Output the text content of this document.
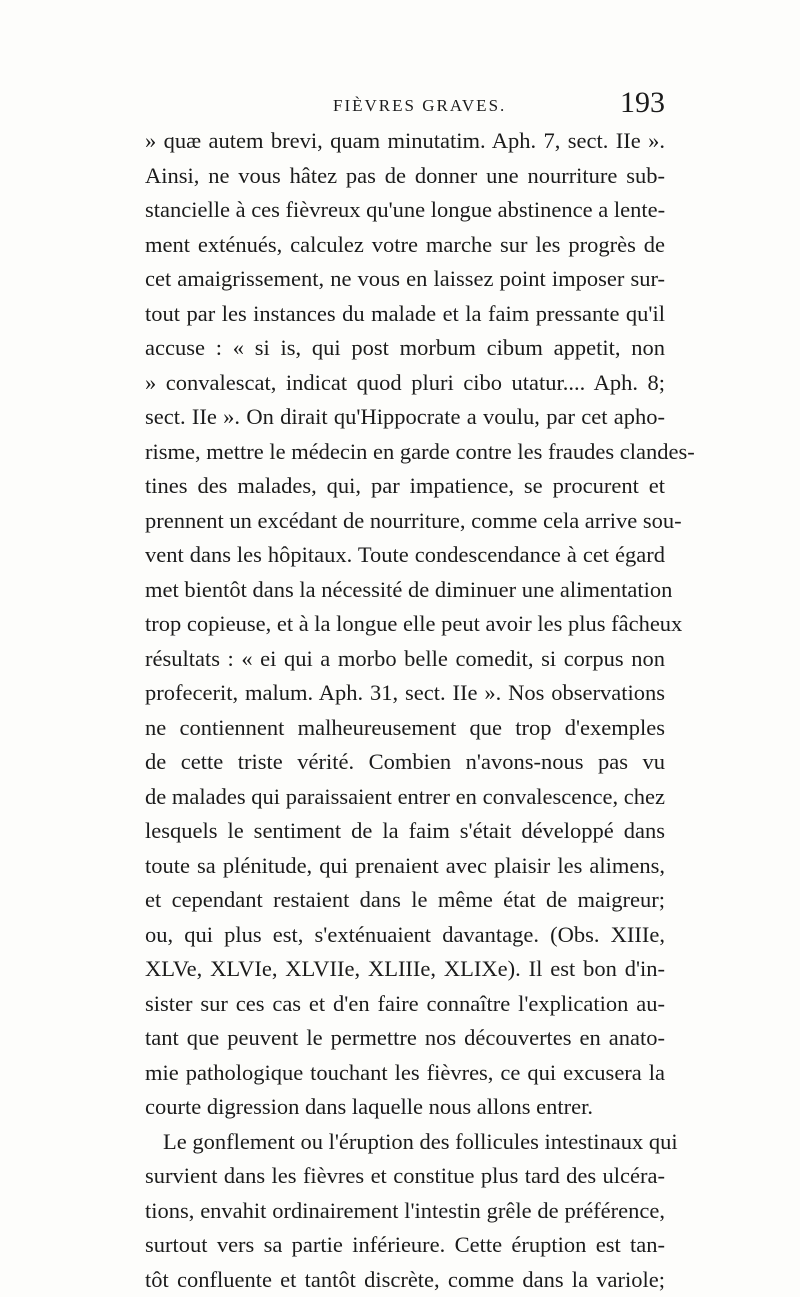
FIÈVRES GRAVES.	193
» quæ autem brevi, quam minutatim. Aph. 7, sect. IIe ».
Ainsi, ne vous hâtez pas de donner une nourriture sub-
stancielle à ces fièvreux qu'une longue abstinence a lente-
ment exténués, calculez votre marche sur les progrès de
cet amaigrissement, ne vous en laissez point imposer sur-
tout par les instances du malade et la faim pressante qu'il
accuse : « si is, qui post morbum cibum appetit, non
» convalescat, indicat quod pluri cibo utatur.... Aph. 8;
sect. IIe ». On dirait qu'Hippocrate a voulu, par cet apho-
risme, mettre le médecin en garde contre les fraudes clandes-
tines des malades, qui, par impatience, se procurent et
prennent un excédant de nourriture, comme cela arrive sou-
vent dans les hôpitaux. Toute condescendance à cet égard
met bientôt dans la nécessité de diminuer une alimentation
trop copieuse, et à la longue elle peut avoir les plus fâcheux
résultats : « ei qui a morbo belle comedit, si corpus non
profecerit, malum. Aph. 31, sect. IIe ». Nos observations
ne contiennent malheureusement que trop d'exemples
de cette triste vérité. Combien n'avons-nous pas vu
de malades qui paraissaient entrer en convalescence, chez
lesquels le sentiment de la faim s'était développé dans
toute sa plénitude, qui prenaient avec plaisir les alimens,
et cependant restaient dans le même état de maigreur;
ou, qui plus est, s'exténuaient davantage. (Obs. XIIIe,
XLVe, XLVIe, XLVIIe, XLIIIe, XLIXe). Il est bon d'in-
sister sur ces cas et d'en faire connaître l'explication au-
tant que peuvent le permettre nos découvertes en anato-
mie pathologique touchant les fièvres, ce qui excusera la
courte digression dans laquelle nous allons entrer.
Le gonflement ou l'éruption des follicules intestinaux qui
survient dans les fièvres et constitue plus tard des ulcéra-
tions, envahit ordinairement l'intestin grêle de préférence,
surtout vers sa partie inférieure. Cette éruption est tan-
tôt confluente et tantôt discrète, comme dans la variole;
